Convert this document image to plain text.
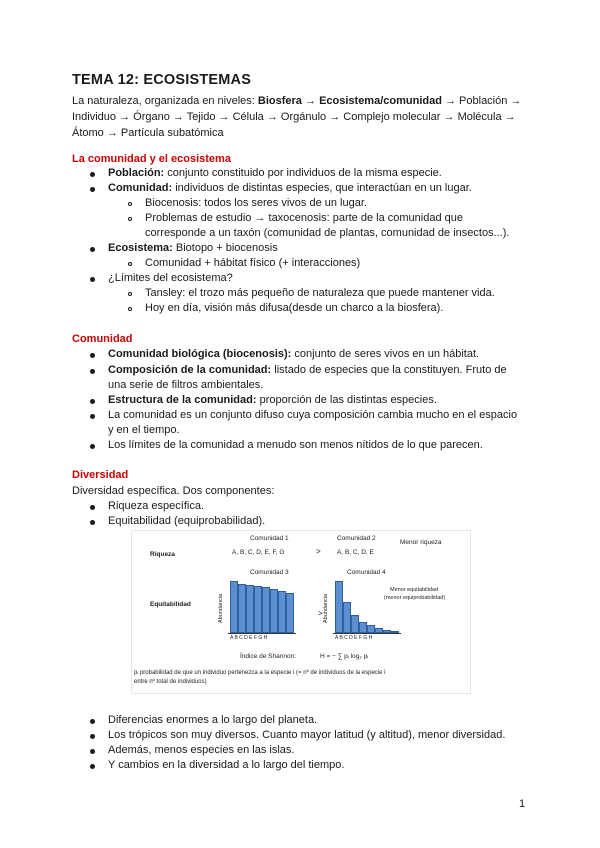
TEMA 12: ECOSISTEMAS
La naturaleza, organizada en niveles: Biosfera → Ecosistema/comunidad → Población →
Individuo → Órgano → Tejido → Célula → Orgánulo → Complejo molecular → Molécula →
Átomo → Partícula subatómica
La comunidad y el ecosistema
Población: conjunto constituido por individuos de la misma especie.
Comunidad: individuos de distintas especies, que interactúan en un lugar.
Biocenosis: todos los seres vivos de un lugar.
Problemas de estudio → taxocenosis: parte de la comunidad que
corresponde a un taxón (comunidad de plantas, comunidad de insectos...).
Ecosistema: Biotopo + biocenosis
Comunidad + hábitat físico (+ interacciones)
¿Límites del ecosistema?
Tansley: el trozo más pequeño de naturaleza que puede mantener vida.
Hoy en día, visión más difusa(desde un charco a la biosfera).
Comunidad
Comunidad biológica (biocenosis): conjunto de seres vivos en un hábitat.
Composición de la comunidad: listado de especies que la constituyen. Fruto de
una serie de filtros ambientales.
Estructura de la comunidad: proporción de las distintas especies.
La comunidad es un conjunto difuso cuya composición cambia mucho en el espacio
y en el tiempo.
Los límites de la comunidad a menudo son menos nítidos de lo que parecen.
Diversidad
Diversidad específica. Dos componentes:
Riqueza específica.
Equitabilidad (equiprobabilidad).
Riqueza
Equitabilidad
Comunidad 1
A, B, C, D, E, F, G	>
Comunidad 2
A, B, C, D, E
Menor riqueza
Comunidad 3	Comunidad 4
Abundancia	Abundancia
>
Menor equitabilidad
(menor equiprobabilidad)
A B C D E F G H	A B C D E F G H
Índice de Shannon:	H = − ∑ pᵢ log₂ pᵢ
pᵢ probabilidad de que un individuo pertenezca a la especie i (= nº de individuos de la especie i
entre nº total de individuos)
Diferencias enormes a lo largo del planeta.
Los trópicos son muy diversos. Cuanto mayor latitud (y altitud), menor diversidad.
Además, menos especies en las islas.
Y cambios en la diversidad a lo largo del tiempo.
1
